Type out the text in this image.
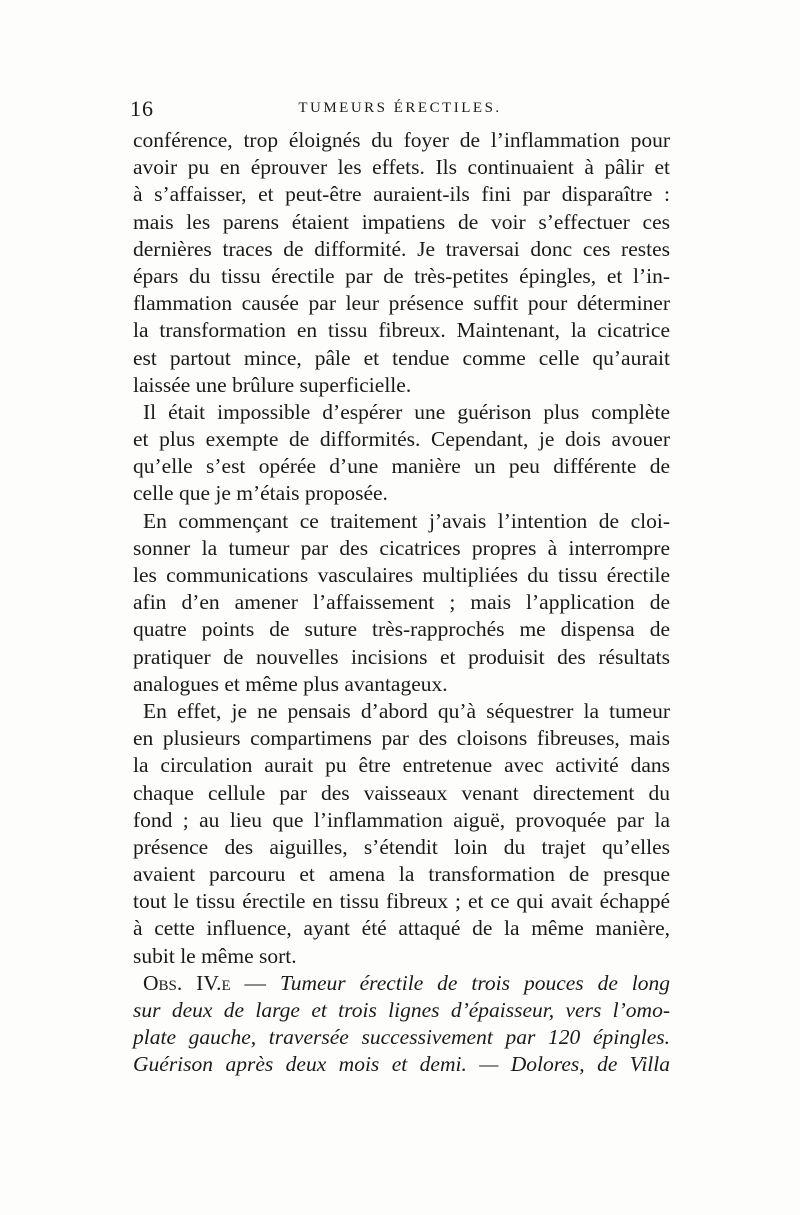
16	TUMEURS ÉRECTILES.
conférence, trop éloignés du foyer de l’inflammation pour
avoir pu en éprouver les effets. Ils continuaient à pâlir et
à s’affaisser, et peut-être auraient-ils fini par disparaître :
mais les parens étaient impatiens de voir s’effectuer ces
dernières traces de difformité. Je traversai donc ces restes
épars du tissu érectile par de très-petites épingles, et l’in-
flammation causée par leur présence suffit pour déterminer
la transformation en tissu fibreux. Maintenant, la cicatrice
est partout mince, pâle et tendue comme celle qu’aurait
laissée une brûlure superficielle.
Il était impossible d’espérer une guérison plus complète
et plus exempte de difformités. Cependant, je dois avouer
qu’elle s’est opérée d’une manière un peu différente de
celle que je m’étais proposée.
En commençant ce traitement j’avais l’intention de cloi-
sonner la tumeur par des cicatrices propres à interrompre
les communications vasculaires multipliées du tissu érectile
afin d’en amener l’affaissement ; mais l’application de
quatre points de suture très-rapprochés me dispensa de
pratiquer de nouvelles incisions et produisit des résultats
analogues et même plus avantageux.
En effet, je ne pensais d’abord qu’à séquestrer la tumeur
en plusieurs compartimens par des cloisons fibreuses, mais
la circulation aurait pu être entretenue avec activité dans
chaque cellule par des vaisseaux venant directement du
fond ; au lieu que l’inflammation aiguë, provoquée par la
présence des aiguilles, s’étendit loin du trajet qu’elles
avaient parcouru et amena la transformation de presque
tout le tissu érectile en tissu fibreux ; et ce qui avait échappé
à cette influence, ayant été attaqué de la même manière,
subit le même sort.
Obs. IV.e — Tumeur érectile de trois pouces de long
sur deux de large et trois lignes d’épaisseur, vers l’omo-
plate gauche, traversée successivement par 120 épingles.
Guérison après deux mois et demi. — Dolores, de Villa
